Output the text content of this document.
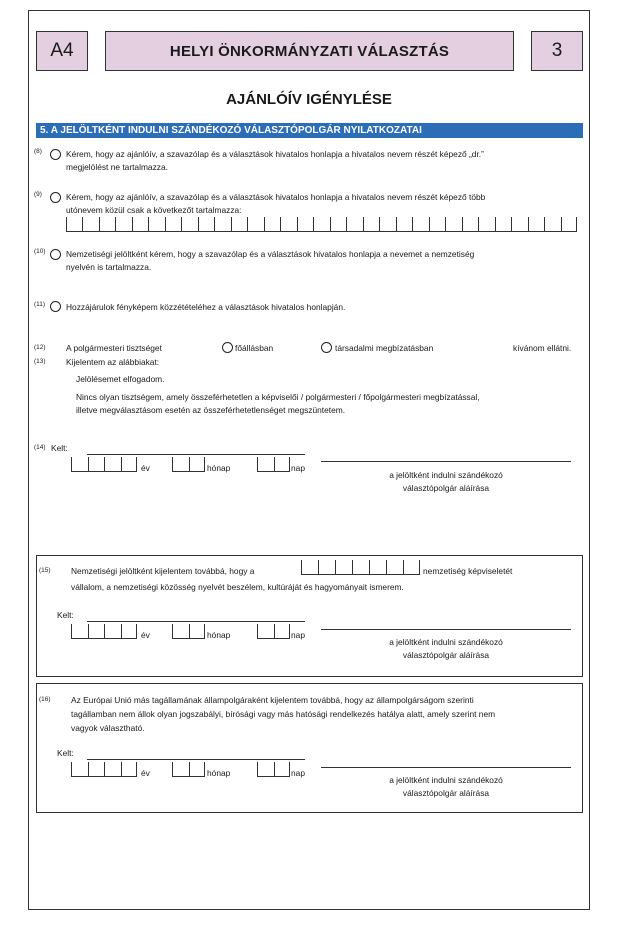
A4	HELYI ÖNKORMÁNYZATI VÁLASZTÁS	3
AJÁNLÓÍV IGÉNYLÉSE
5. A JELÖLTKÉNT INDULNI SZÁNDÉKOZÓ VÁLASZTÓPOLGÁR NYILATKOZATAI
(8)	Kérem, hogy az ajánlóív, a szavazólap és a választások hivatalos honlapja a hivatalos nevem részét képező „dr.”
megjelölést ne tartalmazza.
(9)	Kérem, hogy az ajánlóív, a szavazólap és a választások hivatalos honlapja a hivatalos nevem részét képező több
utónevem közül csak a következőt tartalmazza:
(10) Nemzetiségi jelöltként kérem, hogy a szavazólap és a választások hivatalos honlapja a nevemet a nemzetiség
nyelvén is tartalmazza.
(11) Hozzájárulok fényképem közzétételéhez a választások hivatalos honlapján.
(12) A polgármesteri tisztséget	főállásban	társadalmi megbízatásban	kívánom ellátni.
(13) Kijelentem az alábbiakat:
Jelölésemet elfogadom.
Nincs olyan tisztségem, amely összeférhetetlen a képviselői / polgármesteri / főpolgármesteri megbízatással,
illetve megválasztásom esetén az összeférhetetlenséget megszüntetem.
(14) Kelt:
év	hónap	nap
a jelöltként indulni szándékozó
választópolgár aláírása
(15) Nemzetiségi jelöltként kijelentem továbbá, hogy a	nemzetiség képviseletét
vállalom, a nemzetiségi közösség nyelvét beszélem, kultúráját és hagyományait ismerem.
Kelt:
év	hónap	nap
a jelöltként indulni szándékozó
választópolgár aláírása
(16) Az Európai Unió más tagállamának állampolgáraként kijelentem továbbá, hogy az állampolgárságom szerinti
tagállamban nem állok olyan jogszabályi, bírósági vagy más hatósági rendelkezés hatálya alatt, amely szerint nem
vagyok választható.
Kelt:
év	hónap	nap
a jelöltként indulni szándékozó
választópolgár aláírása
